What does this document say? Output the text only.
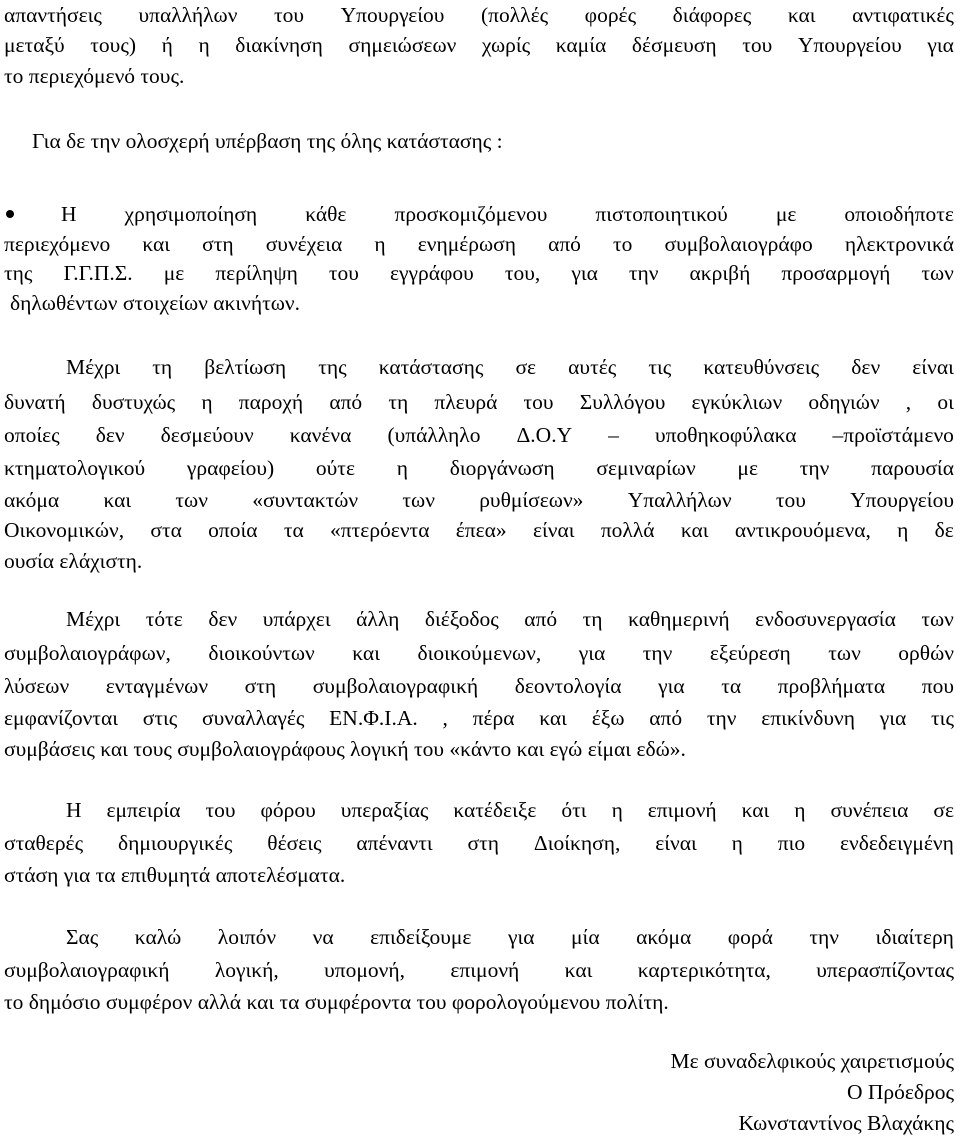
απαντήσεις υπαλλήλων του Υπουργείου (πολλές φορές διάφορες και αντιφατικές
μεταξύ τους) ή η διακίνηση σημειώσεων χωρίς καμία δέσμευση του Υπουργείου για
το περιεχόμενό τους.
Για δε την ολοσχερή υπέρβαση της όλης κατάστασης :
Η χρησιμοποίηση κάθε προσκομιζόμενου πιστοποιητικού με οποιοδήποτε
περιεχόμενο και στη συνέχεια η ενημέρωση από το συμβολαιογράφο ηλεκτρονικά
της Γ.Γ.Π.Σ. με περίληψη του εγγράφου του, για την ακριβή προσαρμογή των
δηλωθέντων στοιχείων ακινήτων.
Μέχρι τη βελτίωση της κατάστασης σε αυτές τις κατευθύνσεις δεν είναι
δυνατή δυστυχώς η παροχή από τη πλευρά του Συλλόγου εγκύκλιων οδηγιών , οι
οποίες δεν δεσμεύουν κανένα (υπάλληλο Δ.Ο.Υ – υποθηκοφύλακα –προϊστάμενο
κτηματολογικού γραφείου) ούτε η διοργάνωση σεμιναρίων με την παρουσία
ακόμα και των «συντακτών των ρυθμίσεων» Υπαλλήλων του Υπουργείου
Οικονομικών, στα οποία τα «πτερόεντα έπεα» είναι πολλά και αντικρουόμενα, η δε
ουσία ελάχιστη.
Μέχρι τότε δεν υπάρχει άλλη διέξοδος από τη καθημερινή ενδοσυνεργασία των
συμβολαιογράφων, διοικούντων και διοικούμενων, για την εξεύρεση των ορθών
λύσεων ενταγμένων στη συμβολαιογραφική δεοντολογία για τα προβλήματα που
εμφανίζονται στις συναλλαγές ΕΝ.Φ.Ι.Α. , πέρα και έξω από την επικίνδυνη για τις
συμβάσεις και τους συμβολαιογράφους λογική του «κάντο και εγώ είμαι εδώ».
Η εμπειρία του φόρου υπεραξίας κατέδειξε ότι η επιμονή και η συνέπεια σε
σταθερές δημιουργικές θέσεις απέναντι στη Διοίκηση, είναι η πιο ενδεδειγμένη
στάση για τα επιθυμητά αποτελέσματα.
Σας καλώ λοιπόν να επιδείξουμε για μία ακόμα φορά την ιδιαίτερη
συμβολαιογραφική λογική, υπομονή, επιμονή και καρτερικότητα, υπερασπίζοντας
το δημόσιο συμφέρον αλλά και τα συμφέροντα του φορολογούμενου πολίτη.
Με συναδελφικούς χαιρετισμούς
Ο Πρόεδρος
Κωνσταντίνος Βλαχάκης
